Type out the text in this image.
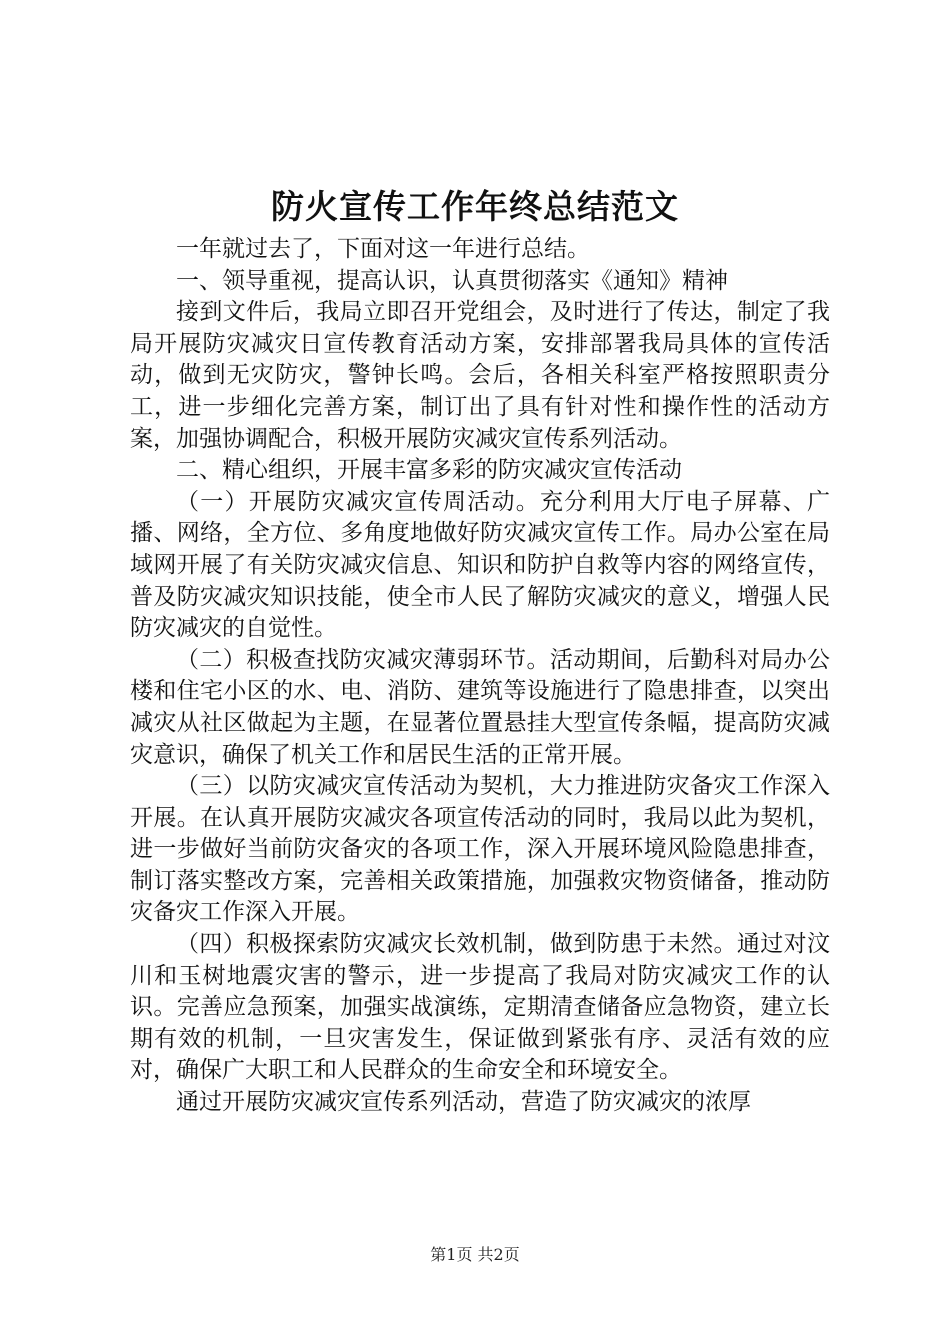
防火宣传工作年终总结范文

一年就过去了，下面对这一年进行总结。

一、领导重视，提高认识，认真贯彻落实《通知》精神

接到文件后，我局立即召开党组会，及时进行了传达，制定了我局开展防灾减灾日宣传教育活动方案，安排部署我局具体的宣传活动，做到无灾防灾，警钟长鸣。会后，各相关科室严格按照职责分工，进一步细化完善方案，制订出了具有针对性和操作性的活动方案，加强协调配合，积极开展防灾减灾宣传系列活动。

二、精心组织，开展丰富多彩的防灾减灾宣传活动

（一）开展防灾减灾宣传周活动。充分利用大厅电子屏幕、广播、网络，全方位、多角度地做好防灾减灾宣传工作。局办公室在局域网开展了有关防灾减灾信息、知识和防护自救等内容的网络宣传，普及防灾减灾知识技能，使全市人民了解防灾减灾的意义，增强人民防灾减灾的自觉性。

（二）积极查找防灾减灾薄弱环节。活动期间，后勤科对局办公楼和住宅小区的水、电、消防、建筑等设施进行了隐患排查，以突出减灾从社区做起为主题，在显著位置悬挂大型宣传条幅，提高防灾减灾意识，确保了机关工作和居民生活的正常开展。

（三）以防灾减灾宣传活动为契机，大力推进防灾备灾工作深入开展。在认真开展防灾减灾各项宣传活动的同时，我局以此为契机，进一步做好当前防灾备灾的各项工作，深入开展环境风险隐患排查，制订落实整改方案，完善相关政策措施，加强救灾物资储备，推动防灾备灾工作深入开展。

（四）积极探索防灾减灾长效机制，做到防患于未然。通过对汶川和玉树地震灾害的警示，进一步提高了我局对防灾减灾工作的认识。完善应急预案，加强实战演练，定期清查储备应急物资，建立长期有效的机制，一旦灾害发生，保证做到紧张有序、灵活有效的应对，确保广大职工和人民群众的生命安全和环境安全。

通过开展防灾减灾宣传系列活动，营造了防灾减灾的浓厚

第1页 共2页
